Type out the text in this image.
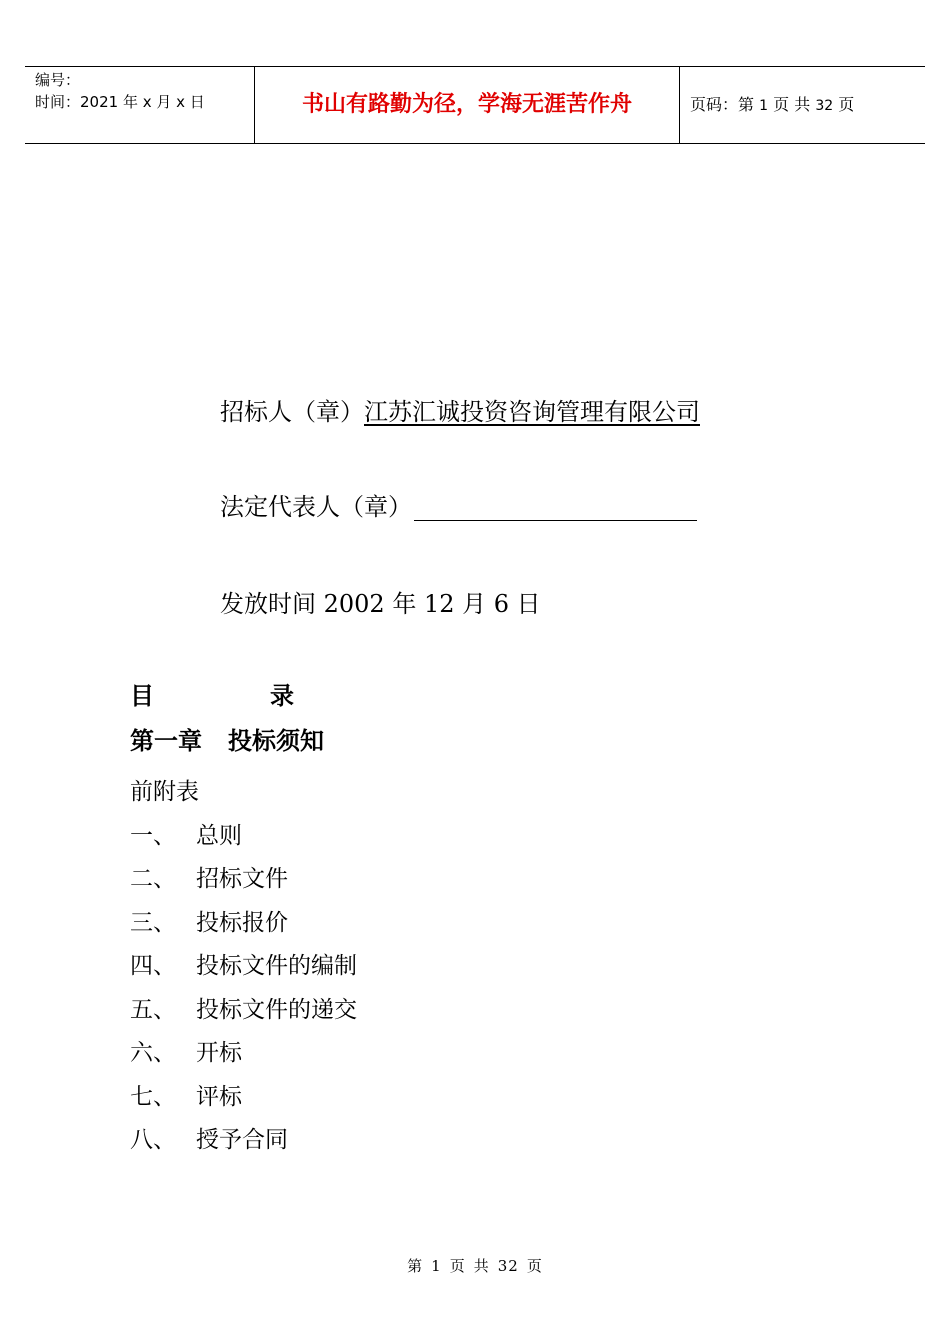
编号：
时间：2021 年 x 月 x 日	书山有路勤为径，学海无涯苦作舟	页码：第 1 页 共 32 页
招标人（章）江苏汇诚投资咨询管理有限公司
法定代表人（章）
发放时间 2002 年 12 月 6 日
目	录
第一章 投标须知
前附表
一、 总则
二、 招标文件
三、 投标报价
四、 投标文件的编制
五、 投标文件的递交
六、 开标
七、 评标
八、 授予合同
第 1 页 共 32 页
